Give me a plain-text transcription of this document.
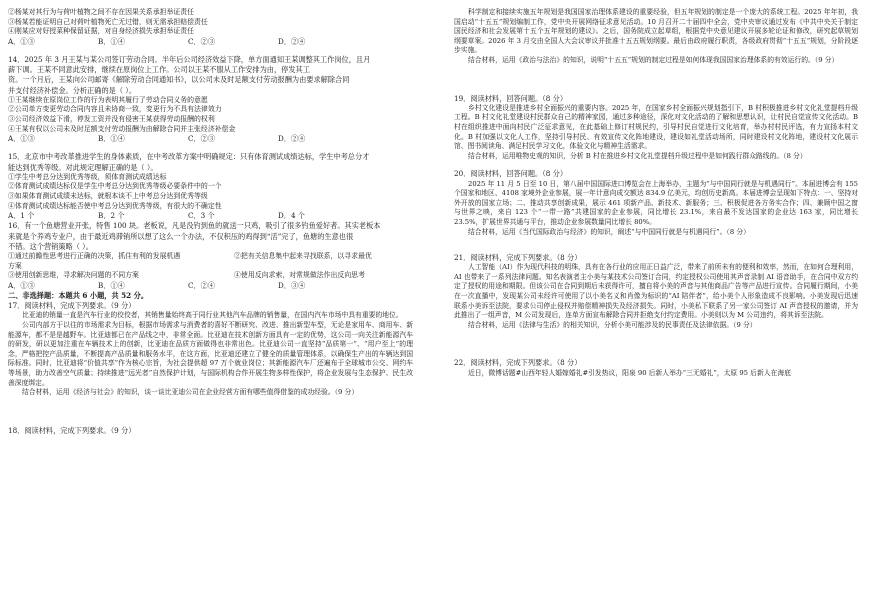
②杨某对其行为与荷叶植物之间不存在因果关系承担举证责任
③杨某若能证明自己对荷叶植物死亡无过错，则无需承担赔偿责任
④刚某应对好授菜种保留证据，对自身经济损失承担举证责任
A．①③	B．①④	C．②③	D．②④
14．2025 年 3 月王某与某公司签订劳动合同。半年后公司经济效益下降，单方面通知王某调整其工作岗位，且月
薪下调。王某不同意此安排，继续在原岗位上工作。公司以王某不服从工作安排为由，停发其工
资。一个月后，王某向公司邮寄《解除劳动合同通知书》，以公司未及时足额支付劳动报酬为由要求解除合同
并支付经济补偿金。分析正确的是（ ）。
①王某继续在原岗位工作的行为表明其履行了劳动合同义务的意愿
②公司单方变更劳动合同内容且未协商一致，变更行为不具有法律效力
③公司经济效益下滑，停发工资并没有侵害王某获得劳动报酬的权利
④王某有权以公司未及时足额支付劳动报酬为由解除合同并主张经济补偿金
A．①③	B．①④	C．②③	D．②④
15．北京市中考改革推进学生的身体素质，在中考改革方案中明确规定：只有体育测试成绩达标，学生中考总分才
能达到优秀等级。对此规定理解正确的是（ ）。
①学生中考总分达到优秀等级，须体育测试成绩达标
②体育测试成绩达标仅是学生中考总分达到优秀等级必要条件中的一个
③如果体育测试成绩未达标，就根本谈不上中考总分达到优秀等级
④体育测试成绩达标能否使中考总分达到优秀等级，有很大的不确定性
A．1 个	B．2 个	C．3 个	D．4 个
16．有一个鱼塘营业开张，特售 100 块。老板说，凡是没钓到鱼的就送一只鸡，吸引了很多钓鱼爱好者。其实老板本
来就是个养鸡专业户，由于最近鸡滞销所以想了这么一个办法，不仅积压的鸡得到“活”完了，鱼塘的生意也很
不错。这个营销策略（ ）。
①通过前瞻性思考进行正确的决策，抓住有利的发展机遇	②把有关信息集中起来寻找联系，以寻求最优
方案
③使用创新思维，寻求解决问题的不同方案	④使用反向求索，对常规做法作出反向思考
A．①③	B．①④	C．②④	D．③④
二、非选择题：本题共 6 小题，共 52 分。
17．阅读材料，完成下列要求。（9 分）
比亚迪的销量一直是汽车行业的佼佼者，其销售量始终高于同行业其他汽车品牌的销售量，在国内汽车市场中具有重要的地位。
公司内部方于以往的市场需求为目标，根据市场需求与消费者的喜好不断研究、改进、推出新型车型，无论是家用车、商用车、新能源车，都不是是越野车。比亚迪都已在产品线之中，非常全面。比亚迪在技术创新方面具有一定的优势，这公司一向关注新能源汽车的研发，研以更加注重在车辆技术上的创新，比亚迪在品质方面做得也非常出色。比亚迪公司一直坚持“品质第一”、“用户至上”的理念，严格把控产品质量，不断提高产品质量和服务水平，在这方面，比亚迪还建立了健全的质量管理体系，以确保生产出的车辆达到国际标准。同时，比亚迪将“价值共享”作为核心宗旨，为社会提供超 97 万个就业岗位；其新能源汽车厂还遍布于全球城市公交、网约车等场景，助力改善空气质量；持续推进“远光者”自然保护计划，与国际机构合作开展生物多样性保护，将企业发展与生态保护、民生改善深度绑定。
结合材料，运用《经济与社会》的知识，谈一谈比亚迪公司在企业经营方面有哪些值得借鉴的成功经验。（9 分）
18．阅读材料，完成下列要求。（9 分）
科学制定和接续实施五年规划是我国国家治理体系建设的重要经验，但五年规划的制定是一个庞大的系统工程。2025 年年初，我国启动“十五五”规划编制工作，党中央开展网络征求意见活动。10 月召开二十届四中全会，党中央审议通过发布《中共中央关于制定国民经济和社会发展第十五个五年规划的建议》。之后，国务院成立起草组，根据党中央意见建议开展多轮论证和修改，研究起草规划纲要草案。2026 年 3 月交由全国人大会议审议并批准十五五规划纲要。最后由政府履行职责，各级政府贯彻“十五五”规划，分阶段逐步实施。
结合材料，运用《政治与法治》的知识，说明“十五五”规划的制定过程是如何体现我国国家治理体系的有效运行的。（9 分）
19．阅读材料，回答问题。（8 分）
乡村文化建设是推进乡村全面振兴的重要内容。2025 年，在国家乡村全面振兴规划指引下，B 村积极推进乡村文化礼堂提档升级工程。B 村文化礼堂建设村民群众自己的精神家园，通过多种途径，深化对文化活动的了解和思想认识，让村民自觉宣传文化活动。B 村在组织推进中面向村民广泛征求意见，在此基础上修订村规民约，引导村民自觉进行文化培育，举办村村民评选，有力宣扬本村文化。B 村加强以文化人工作，坚持引导村民、有效宣传文化阵地建设，建设如礼堂活动场所，同时建设村文化阵地，建设村文化展示馆、图书阅读角、满足村民学习文化，体验文化与精神生活需求。
结合材料，运用唯物史观的知识，分析 B 村在推进乡村文化礼堂提档升级过程中是如何践行群众路线的。（8 分）
20．阅读材料，回答问题。（8 分）
2025 年 11 月 5 日至 10 日，第八届中国国际进口博览会在上海举办，主题为“与中国同行就是与机遇同行”。本届进博会有 155 个国家和地区、4108 家境外企业参展，展一年计意向成交额达 834.9 亿美元，均创历史新高。本届进博会呈现如下特点：一、坚持对外开放的国家立场；二、推动共享创新成果，展示 461 项新产品、新技术、新服务；三、积极促进各方务实合作；四、兼顾中国之窗与世界之映，来自 123 个“一带一路”共建国家的企业参展，同比增长 23.1%，来自最不发达国家的企业达 163 家，同比增长 23.5%，扩展世界共通与平台，推动企业参展数量同比增长 80%。
结合材料，运用《当代国际政治与经济》的知识，阐述“与中国同行就是与机遇同行”。（8 分）
21．阅读材料，完成下列要求。（8 分）
人工智能（AI）作为现代科技的明珠，具有在各行业的应用正日益广泛，带来了前所未有的便利和效率，然而，在如何合理利用，AI 也带来了一系列法律问题。知名表演者主小美与某技术公司签订合同，约定授权公司使用其声音录制 AI 语音助手，在合同中双方约定了授权的用途和期限。但该公司在合同到期后未获得许可，擅自将小美的声音与其他商品广告等产品进行宣传。合同履行期间，小美在一次直播中，发现某公司未经许可使用了以小美名义和肖像为标识的“AI 陪伴者”，给小美个人形象造成不良影响。小美发现后迅速联系小美诉至法院，要求公司停止侵权并赔偿精神损失及经济损失。同时，小美私下联系了另一家公司签订 AI 声音授权的邀请，并为此推出了一组声音，M 公司发现后，连单方面宣布解除合同并拒绝支付约定费用。小美则以为 M 公司违约，将其诉至法院。
结合材料，运用《法律与生活》的相关知识，分析小美可能涉及的民事责任及法律依据。（9 分）
22．阅读材料，完成下列要求。（8 分）
近日，微博话题#山西年轻人婚嫁婚礼#引发热议，阳泉 90 后新人举办“三无婚礼”，太原 95 后新人在海底
